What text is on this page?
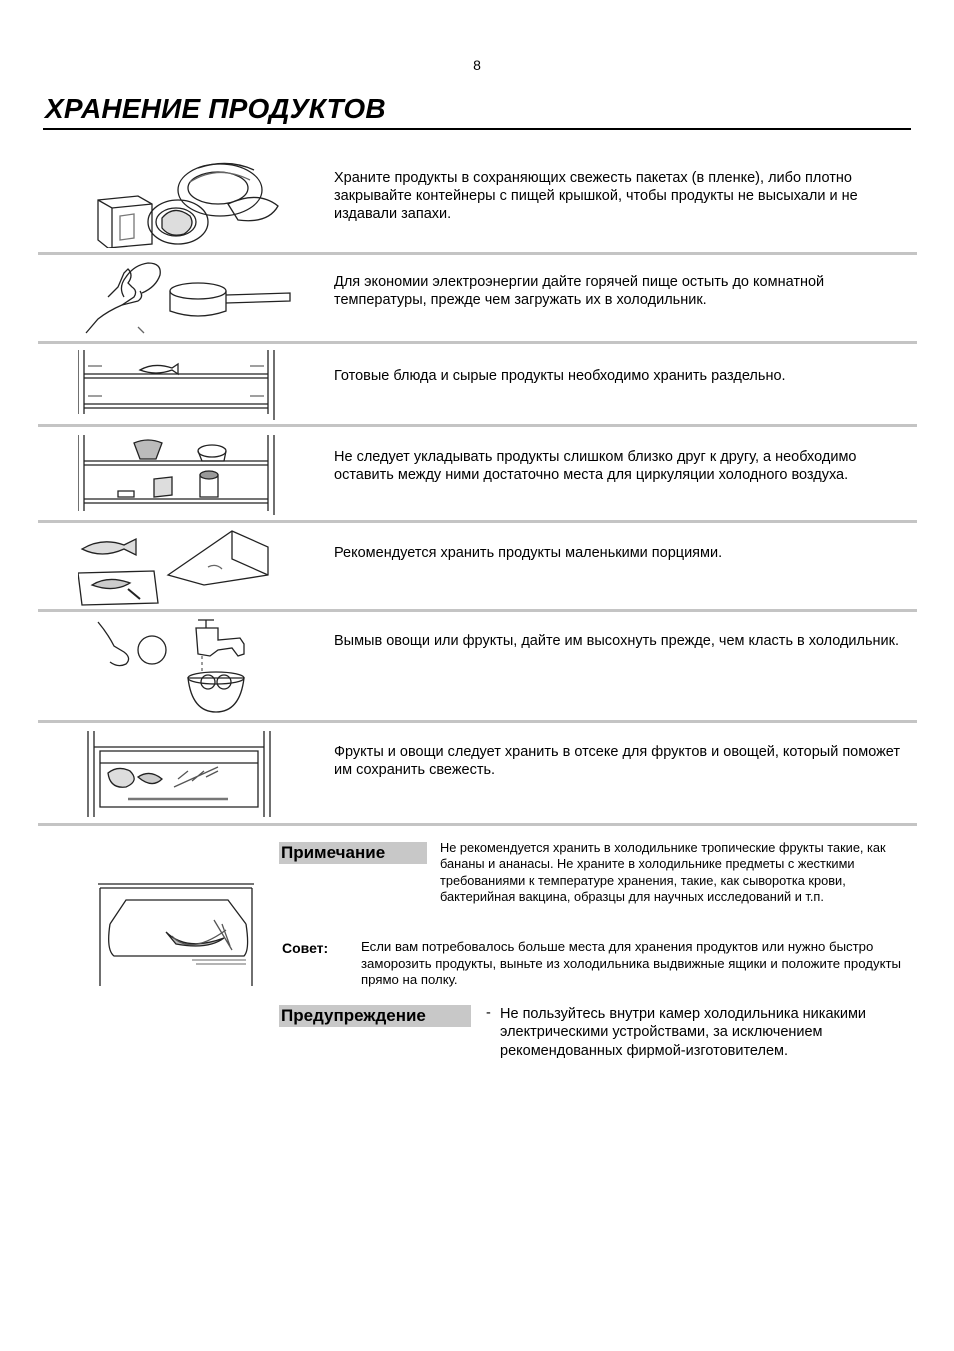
8
ХРАНЕНИЕ ПРОДУКТОВ
Храните продукты в сохраняющих свежесть пакетах (в пленке), либо плотно закрывайте контейнеры с пищей крышкой, чтобы продукты не высыхали и не издавали запахи.
Для экономии электроэнергии дайте горячей пище остыть до комнатной температуры, прежде чем загружать их в холодильник.
Готовые блюда и сырые продукты необходимо хранить раздельно.
Не следует укладывать продукты слишком близко друг к другу, а необходимо оставить между ними достаточно места для циркуляции холодного воздуха.
Рекомендуется хранить продукты маленькими порциями.
Вымыв овощи или фрукты, дайте им высохнуть прежде, чем класть в холодильник.
Фрукты и овощи следует хранить в отсеке для фруктов и овощей, который поможет им сохранить свежесть.
Примечание	Не рекомендуется хранить в холодильнике тропические фрукты такие, как бананы и ананасы. Не храните в холодильнике предметы с жесткими требованиями к температуре хранения, такие, как сыворотка крови, бактерийная вакцина, образцы для научных исследований и т.п.
Совет: Если вам потребовалось больше места для хранения продуктов или нужно быстро заморозить продукты, выньте из холодильника выдвижные ящики и положите продукты прямо на полку.
Предупреждение	- Не пользуйтесь внутри камер холодильника никакими электрическими устройствами, за исключением рекомендованных фирмой-изготовителем.
